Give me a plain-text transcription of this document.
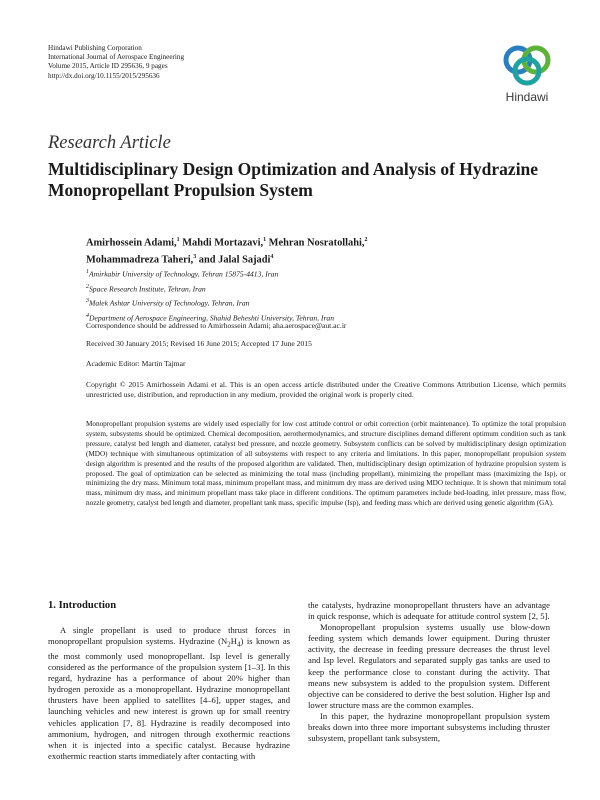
Hindawi Publishing Corporation
International Journal of Aerospace Engineering
Volume 2015, Article ID 295636, 9 pages
http://dx.doi.org/10.1155/2015/295636
Hindawi
Research Article
Multidisciplinary Design Optimization and Analysis of Hydrazine Monopropellant Propulsion System
Amirhossein Adami,$^1$ Mahdi Mortazavi,$^1$ Mehran Nosratollahi,$^2$
Mohammadreza Taheri,$^3$ and Jalal Sajadi$^4$
$^1$Amirkabir University of Technology, Tehran 15875-4413, Iran
$^2$Space Research Institute, Tehran, Iran
$^3$Malek Ashtar University of Technology, Tehran, Iran
$^4$Department of Aerospace Engineering, Shahid Beheshti University, Tehran, Iran
Correspondence should be addressed to Amirhossein Adami; aha.aerospace@aut.ac.ir
Received 30 January 2015; Revised 16 June 2015; Accepted 17 June 2015
Academic Editor: Martin Tajmar
Copyright © 2015 Amirhossein Adami et al. This is an open access article distributed under the Creative Commons Attribution License, which permits unrestricted use, distribution, and reproduction in any medium, provided the original work is properly cited.
Monopropellant propulsion systems are widely used especially for low cost attitude control or orbit correction (orbit maintenance). To optimize the total propulsion system, subsystems should be optimized. Chemical decomposition, aerothermodynamics, and structure disciplines demand different optimum condition such as tank pressure, catalyst bed length and diameter, catalyst bed pressure, and nozzle geometry. Subsystem conflicts can be solved by multidisciplinary design optimization (MDO) technique with simultaneous optimization of all subsystems with respect to any criteria and limitations. In this paper, monopropellant propulsion system design algorithm is presented and the results of the proposed algorithm are validated. Then, multidisciplinary design optimization of hydrazine propulsion system is proposed. The goal of optimization can be selected as minimizing the total mass (including propellant), minimizing the propellant mass (maximizing the Isp), or minimizing the dry mass. Minimum total mass, minimum propellant mass, and minimum dry mass are derived using MDO technique. It is shown that minimum total mass, minimum dry mass, and minimum propellant mass take place in different conditions. The optimum parameters include bed-loading, inlet pressure, mass flow, nozzle geometry, catalyst bed length and diameter, propellant tank mass, specific impulse (Isp), and feeding mass which are derived using genetic algorithm (GA).
1. Introduction

A single propellant is used to produce thrust forces in monopropellant propulsion systems. Hydrazine $(N_2H_4)$ is known as the most commonly used monopropellant. Isp level is generally considered as the performance of the propulsion system [1–3]. In this regard, hydrazine has a performance of about 20% higher than hydrogen peroxide as a monopropellant. Hydrazine monopropellant thrusters have been applied to satellites [4–6], upper stages, and launching vehicles and new interest is grown up for small reentry vehicles application [7, 8]. Hydrazine is readily decomposed into ammonium, hydrogen, and nitrogen through exothermic reactions when it is injected into a specific catalyst. Because hydrazine exothermic reaction starts immediately after contacting with

the catalysts, hydrazine monopropellant thrusters have an advantage in quick response, which is adequate for attitude control system [2, 5].

Monopropellant propulsion systems usually use blow-down feeding system which demands lower equipment. During thruster activity, the decrease in feeding pressure decreases the thrust level and Isp level. Regulators and separated supply gas tanks are used to keep the performance close to constant during the activity. That means new subsystem is added to the propulsion system. Different objective can be considered to derive the best solution. Higher Isp and lower structure mass are the common examples.

In this paper, the hydrazine monopropellant propulsion system breaks down into three more important subsystems including thruster subsystem, propellant tank subsystem,
